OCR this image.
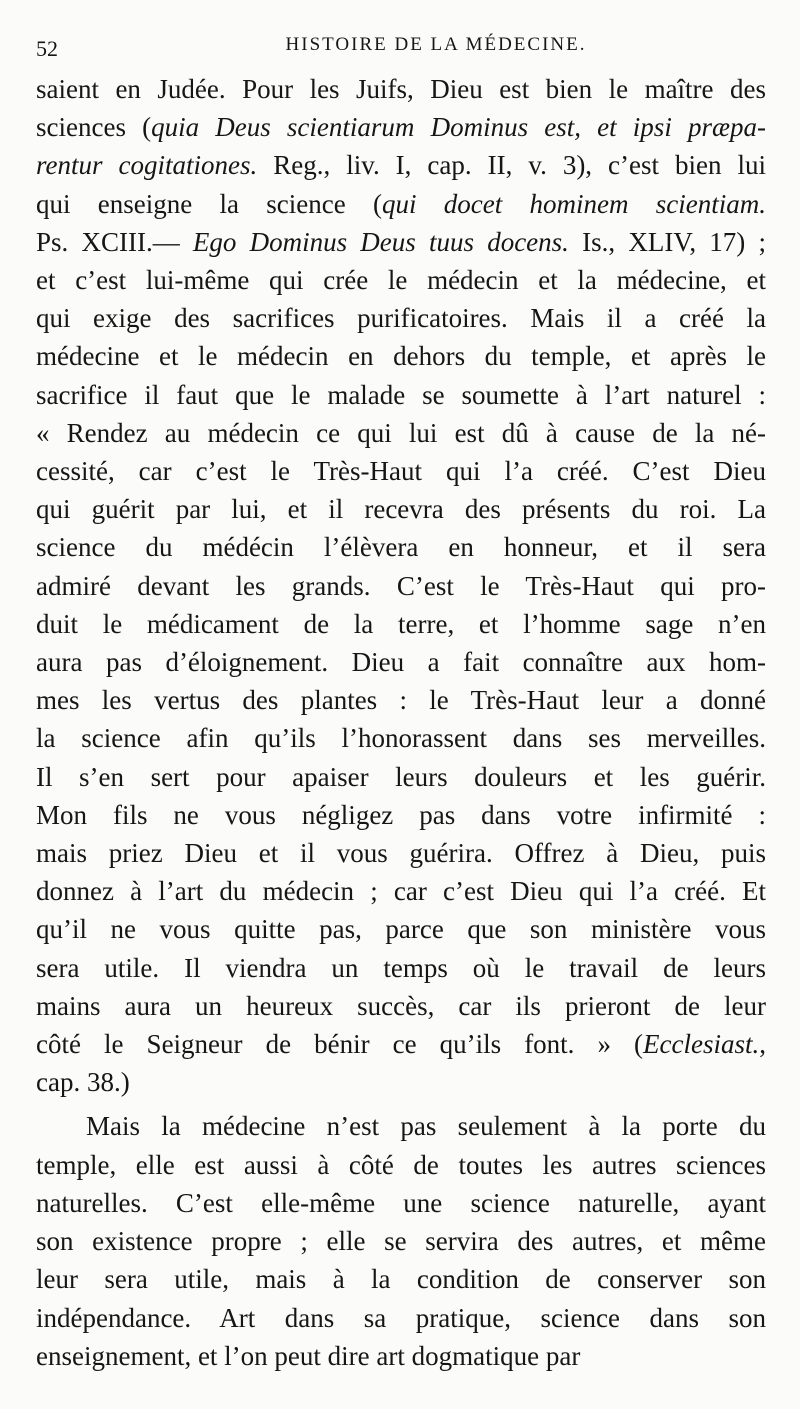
52	HISTOIRE DE LA MÉDECINE.
saient en Judée. Pour les Juifs, Dieu est bien le maître des
sciences (quia Deus scientiarum Dominus est, et ipsi præpa-
rentur cogitationes. Reg., liv. I, cap. II, v. 3), c’est bien lui
qui enseigne la science (qui docet hominem scientiam.
Ps. XCIII.— Ego Dominus Deus tuus docens. Is., XLIV, 17) ;
et c’est lui-même qui crée le médecin et la médecine, et
qui exige des sacrifices purificatoires. Mais il a créé la
médecine et le médecin en dehors du temple, et après le
sacrifice il faut que le malade se soumette à l’art naturel :
« Rendez au médecin ce qui lui est dû à cause de la né-
cessité, car c’est le Très-Haut qui l’a créé. C’est Dieu
qui guérit par lui, et il recevra des présents du roi. La
science du médécin l’élèvera en honneur, et il sera
admiré devant les grands. C’est le Très-Haut qui pro-
duit le médicament de la terre, et l’homme sage n’en
aura pas d’éloignement. Dieu a fait connaître aux hom-
mes les vertus des plantes : le Très-Haut leur a donné
la science afin qu’ils l’honorassent dans ses merveilles.
Il s’en sert pour apaiser leurs douleurs et les guérir.
Mon fils ne vous négligez pas dans votre infirmité :
mais priez Dieu et il vous guérira. Offrez à Dieu, puis
donnez à l’art du médecin ; car c’est Dieu qui l’a créé. Et
qu’il ne vous quitte pas, parce que son ministère vous
sera utile. Il viendra un temps où le travail de leurs
mains aura un heureux succès, car ils prieront de leur
côté le Seigneur de bénir ce qu’ils font. » (Ecclesiast.,
cap. 38.)
Mais la médecine n’est pas seulement à la porte du
temple, elle est aussi à côté de toutes les autres sciences
naturelles. C’est elle-même une science naturelle, ayant
son existence propre ; elle se servira des autres, et même
leur sera utile, mais à la condition de conserver son
indépendance. Art dans sa pratique, science dans son
enseignement, et l’on peut dire art dogmatique par
